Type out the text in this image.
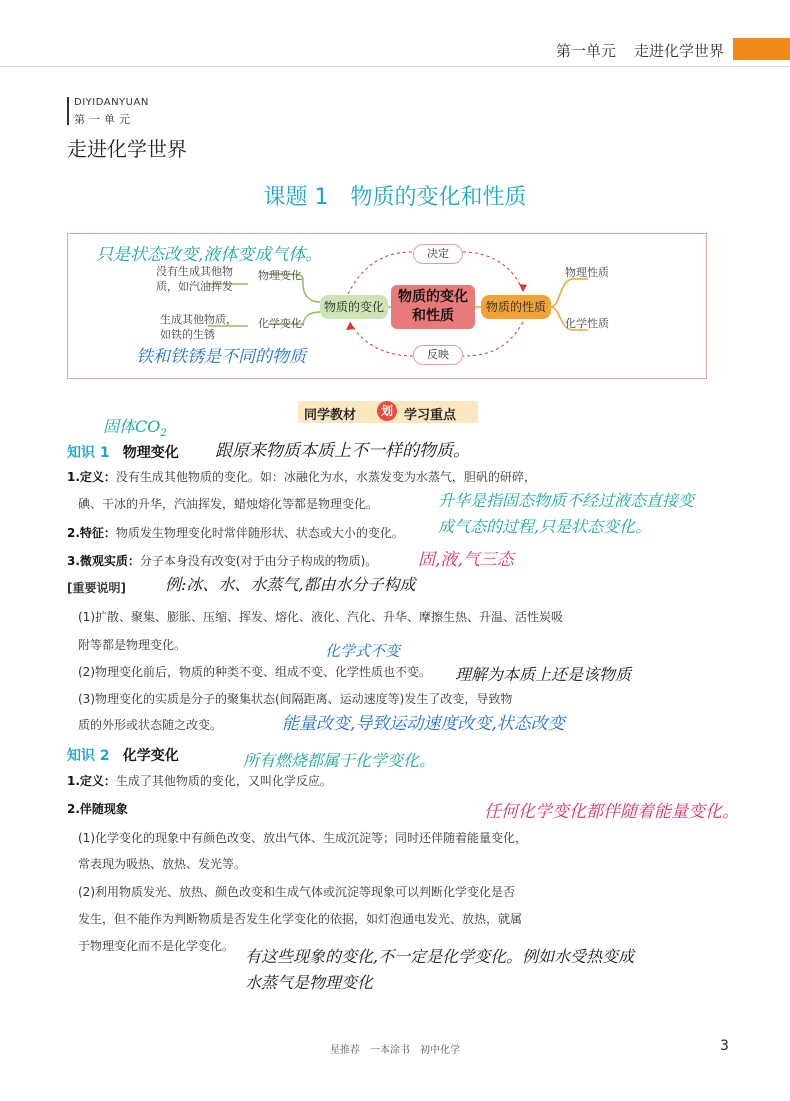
第一单元 走进化学世界
DIYIDANYUAN
第一单元
走进化学世界
课题 1　物质的变化和性质
只是状态改变,液体变成气体。
没有生成其他物
质，如汽油挥发
物理变化
生成其他物质，
如铁的生锈
化学变化
物质的变化
物质的变化
和性质
物质的性质
决定
反映
物理性质
化学性质
铁和铁锈是不同的物质
同学教材	划 学习重点
固体$CO_2$
知识 1 物理变化 跟原来物质本质上不一样的物质。
1.定义：没有生成其他物质的变化。如：冰融化为水，水蒸发变为水蒸气，胆矾的研碎，
碘、干冰的升华，汽油挥发，蜡烛熔化等都是物理变化。	升华是指固态物质不经过液态直接变
成气态的过程,只是状态变化。
2.特征：物质发生物理变化时常伴随形状、状态或大小的变化。
3.微观实质：分子本身没有改变(对于由分子构成的物质)。 固,液,气三态
[重要说明] 例:冰、水、水蒸气,都由水分子构成
(1)扩散、聚集、膨胀、压缩、挥发、熔化、液化、汽化、升华、摩擦生热、升温、活性炭吸
附等都是物理变化。	化学式不变
(2)物理变化前后，物质的种类不变、组成不变、化学性质也不变。 理解为本质上还是该物质
(3)物理变化的实质是分子的聚集状态(间隔距离、运动速度等)发生了改变，导致物
质的外形或状态随之改变。	能量改变,导致运动速度改变,状态改变
知识 2 化学变化	所有燃烧都属于化学变化。
1.定义：生成了其他物质的变化，又叫化学反应。
2.伴随现象	任何化学变化都伴随着能量变化。
(1)化学变化的现象中有颜色改变、放出气体、生成沉淀等；同时还伴随着能量变化，
常表现为吸热、放热、发光等。
(2)利用物质发光、放热、颜色改变和生成气体或沉淀等现象可以判断化学变化是否
发生，但不能作为判断物质是否发生化学变化的依据，如灯泡通电发光、放热，就属
于物理变化而不是化学变化。
有这些现象的变化,不一定是化学变化。例如水受热变成
水蒸气是物理变化
星推荐　一本涂书　初中化学	3
